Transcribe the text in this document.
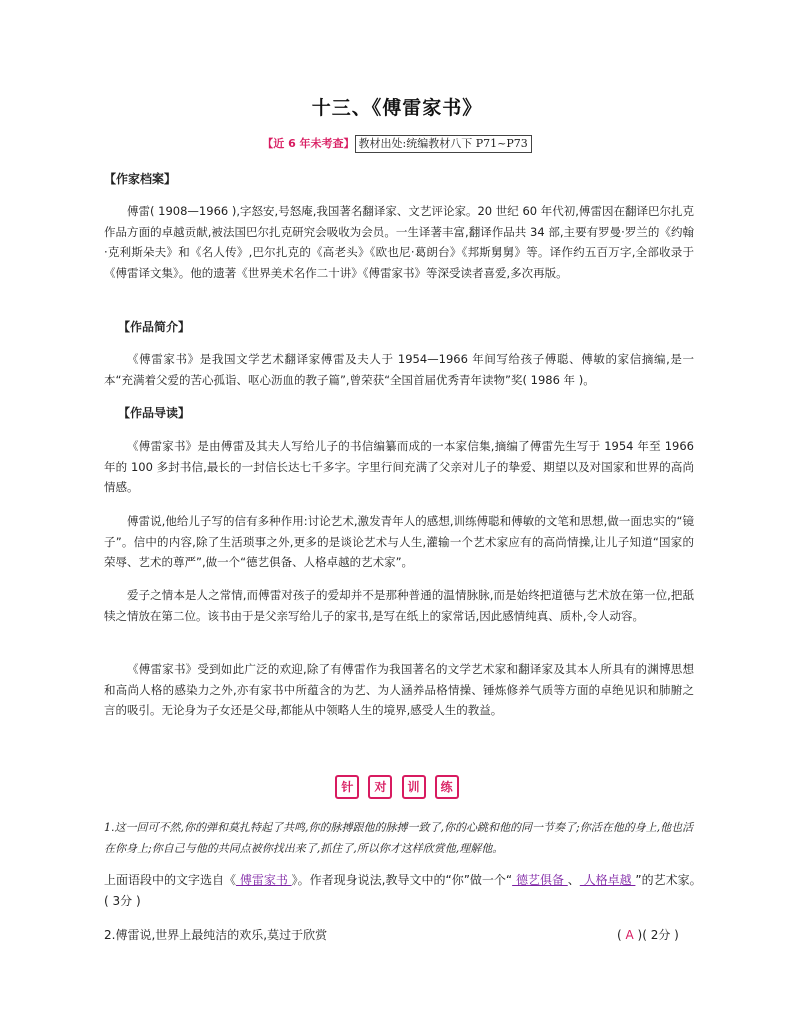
十三、《傅雷家书》
【近 6 年未考查】 教材出处:统编教材八下 P71~P73
【作家档案】
傅雷( 1908—1966 ),字怒安,号怒庵,我国著名翻译家、文艺评论家。20 世纪 60 年代初,傅雷因在翻译巴尔扎克作品方面的卓越贡献,被法国巴尔扎克研究会吸收为会员。一生译著丰富,翻译作品共 34 部,主要有罗曼·罗兰的《约翰·克利斯朵夫》和《名人传》,巴尔扎克的《高老头》《欧也尼·葛朗台》《邦斯舅舅》等。译作约五百万字,全部收录于《傅雷译文集》。他的遗著《世界美术名作二十讲》《傅雷家书》等深受读者喜爱,多次再版。
【作品简介】
《傅雷家书》是我国文学艺术翻译家傅雷及夫人于 1954—1966 年间写给孩子傅聪、傅敏的家信摘编,是一本“充满着父爱的苦心孤诣、呕心沥血的教子篇”,曾荣获“全国首届优秀青年读物”奖( 1986 年 )。
【作品导读】
《傅雷家书》是由傅雷及其夫人写给儿子的书信编纂而成的一本家信集,摘编了傅雷先生写于 1954 年至 1966 年的 100 多封书信,最长的一封信长达七千多字。字里行间充满了父亲对儿子的挚爱、期望以及对国家和世界的高尚情感。
傅雷说,他给儿子写的信有多种作用:讨论艺术,激发青年人的感想,训练傅聪和傅敏的文笔和思想,做一面忠实的“镜子”。信中的内容,除了生活琐事之外,更多的是谈论艺术与人生,灌输一个艺术家应有的高尚情操,让儿子知道“国家的荣辱、艺术的尊严”,做一个“德艺俱备、人格卓越的艺术家”。
爱子之情本是人之常情,而傅雷对孩子的爱却并不是那种普通的温情脉脉,而是始终把道德与艺术放在第一位,把舐犊之情放在第二位。该书由于是父亲写给儿子的家书,是写在纸上的家常话,因此感情纯真、质朴,令人动容。
《傅雷家书》受到如此广泛的欢迎,除了有傅雷作为我国著名的文学艺术家和翻译家及其本人所具有的渊博思想和高尚人格的感染力之外,亦有家书中所蕴含的为艺、为人涵养品格情操、锤炼修养气质等方面的卓绝见识和肺腑之言的吸引。无论身为子女还是父母,都能从中领略人生的境界,感受人生的教益。
针 对 训 练
1.这一回可不然,你的弹和莫扎特起了共鸣,你的脉搏跟他的脉搏一致了,你的心跳和他的同一节奏了;你活在他的身上,他也活在你身上;你自己与他的共同点被你找出来了,抓住了,所以你才这样欣赏他,理解他。
上面语段中的文字选自《 傅雷家书 》。作者现身说法,教导文中的“你”做一个“ 德艺俱备 、 人格卓越 ”的艺术家。( 3分 )
2.傅雷说,世界上最纯洁的欢乐,莫过于欣赏	( A )( 2分 )
